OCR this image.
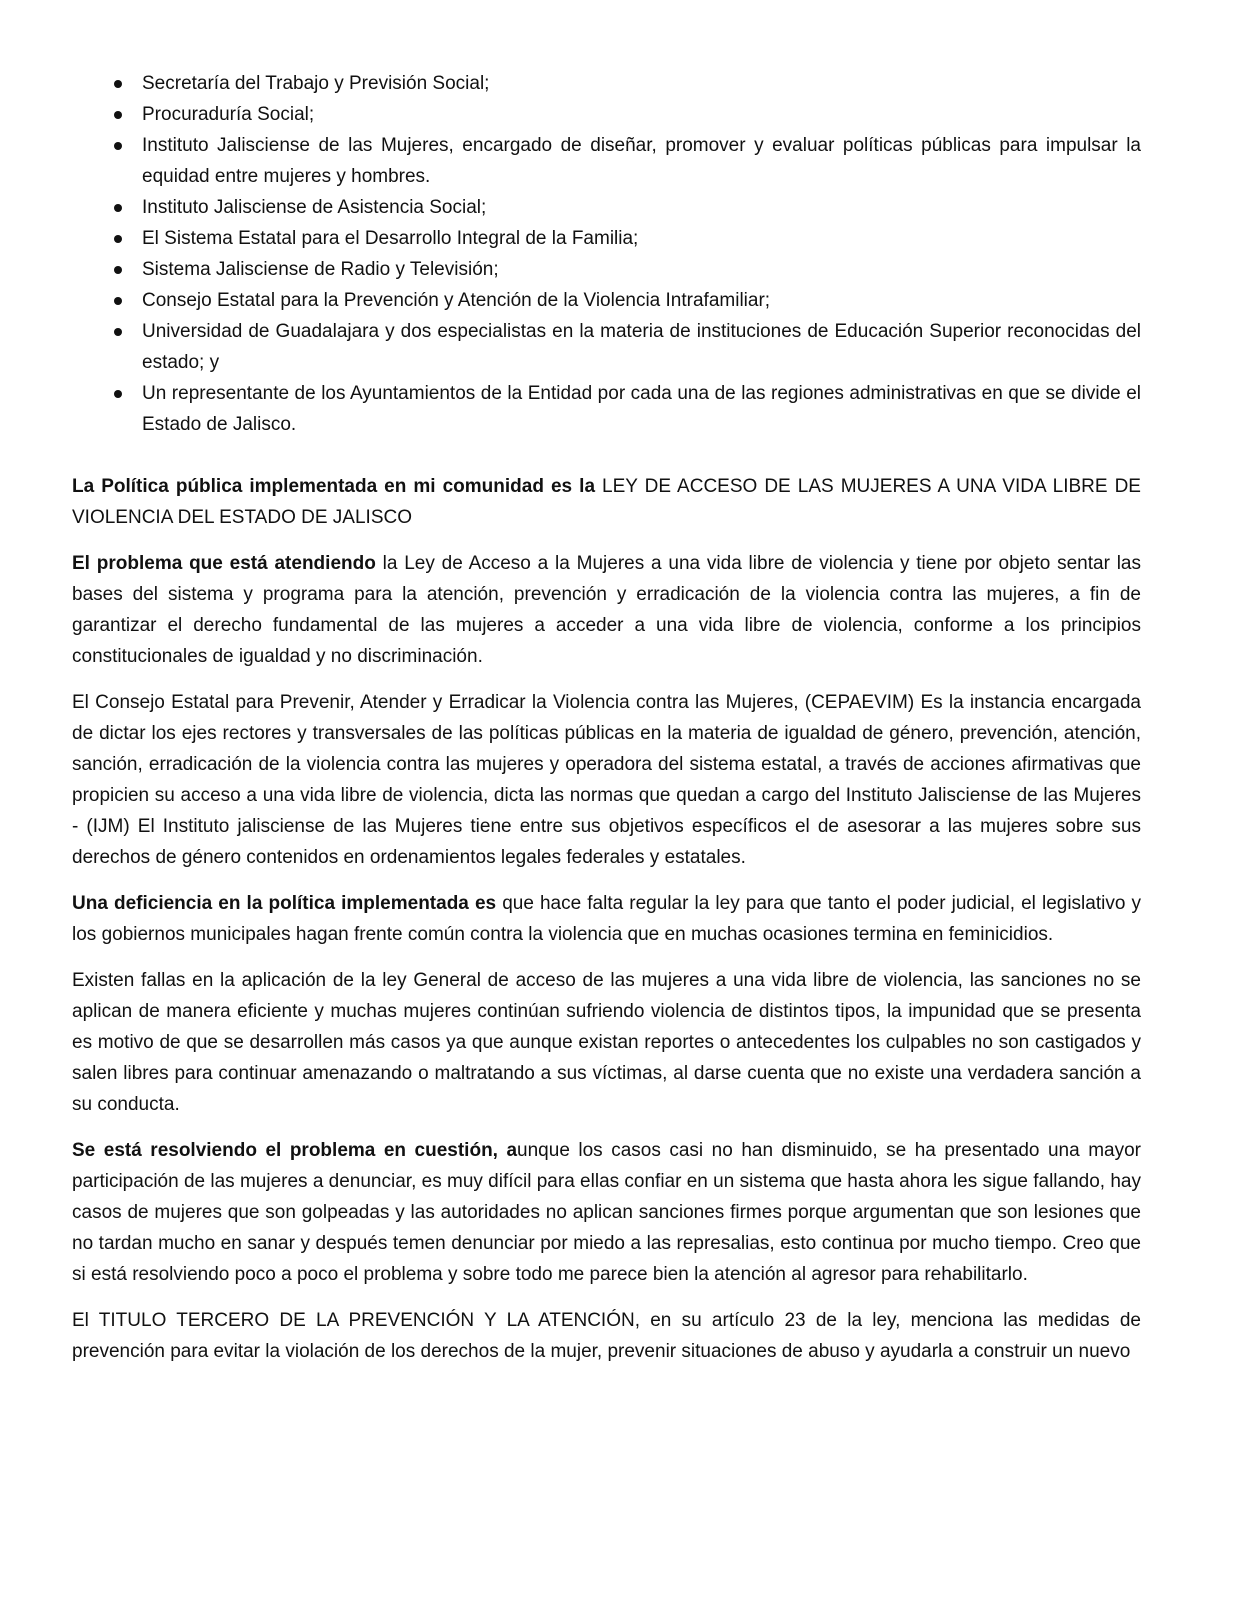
Secretaría del Trabajo y Previsión Social;
Procuraduría Social;
Instituto Jalisciense de las Mujeres, encargado de diseñar, promover y evaluar políticas públicas para impulsar la equidad entre mujeres y hombres.
Instituto Jalisciense de Asistencia Social;
El Sistema Estatal para el Desarrollo Integral de la Familia;
Sistema Jalisciense de Radio y Televisión;
Consejo Estatal para la Prevención y Atención de la Violencia Intrafamiliar;
Universidad de Guadalajara y dos especialistas en la materia de instituciones de Educación Superior reconocidas del estado; y
Un representante de los Ayuntamientos de la Entidad por cada una de las regiones administrativas en que se divide el Estado de Jalisco.

La Política pública implementada en mi comunidad es la LEY DE ACCESO DE LAS MUJERES A UNA VIDA LIBRE DE VIOLENCIA DEL ESTADO DE JALISCO

El problema que está atendiendo la Ley de Acceso a la Mujeres a una vida libre de violencia y tiene por objeto sentar las bases del sistema y programa para la atención, prevención y erradicación de la violencia contra las mujeres, a fin de garantizar el derecho fundamental de las mujeres a acceder a una vida libre de violencia, conforme a los principios constitucionales de igualdad y no discriminación.

El Consejo Estatal para Prevenir, Atender y Erradicar la Violencia contra las Mujeres, (CEPAEVIM) Es la instancia encargada de dictar los ejes rectores y transversales de las políticas públicas en la materia de igualdad de género, prevención, atención, sanción, erradicación de la violencia contra las mujeres y operadora del sistema estatal, a través de acciones afirmativas que propicien su acceso a una vida libre de violencia, dicta las normas que quedan a cargo del Instituto Jalisciense de las Mujeres - (IJM) El Instituto jalisciense de las Mujeres tiene entre sus objetivos específicos el de asesorar a las mujeres sobre sus derechos de género contenidos en ordenamientos legales federales y estatales.

Una deficiencia en la política implementada es que hace falta regular la ley para que tanto el poder judicial, el legislativo y los gobiernos municipales hagan frente común contra la violencia que en muchas ocasiones termina en feminicidios.

Existen fallas en la aplicación de la ley General de acceso de las mujeres a una vida libre de violencia, las sanciones no se aplican de manera eficiente y muchas mujeres continúan sufriendo violencia de distintos tipos, la impunidad que se presenta es motivo de que se desarrollen más casos ya que aunque existan reportes o antecedentes los culpables no son castigados y salen libres para continuar amenazando o maltratando a sus víctimas, al darse cuenta que no existe una verdadera sanción a su conducta.

Se está resolviendo el problema en cuestión, aunque los casos casi no han disminuido, se ha presentado una mayor participación de las mujeres a denunciar, es muy difícil para ellas confiar en un sistema que hasta ahora les sigue fallando, hay casos de mujeres que son golpeadas y las autoridades no aplican sanciones firmes porque argumentan que son lesiones que no tardan mucho en sanar y después temen denunciar por miedo a las represalias, esto continua por mucho tiempo. Creo que si está resolviendo poco a poco el problema y sobre todo me parece bien la atención al agresor para rehabilitarlo.

El TITULO TERCERO DE LA PREVENCIÓN Y LA ATENCIÓN, en su artículo 23 de la ley, menciona las medidas de prevención para evitar la violación de los derechos de la mujer, prevenir situaciones de abuso y ayudarla a construir un nuevo
